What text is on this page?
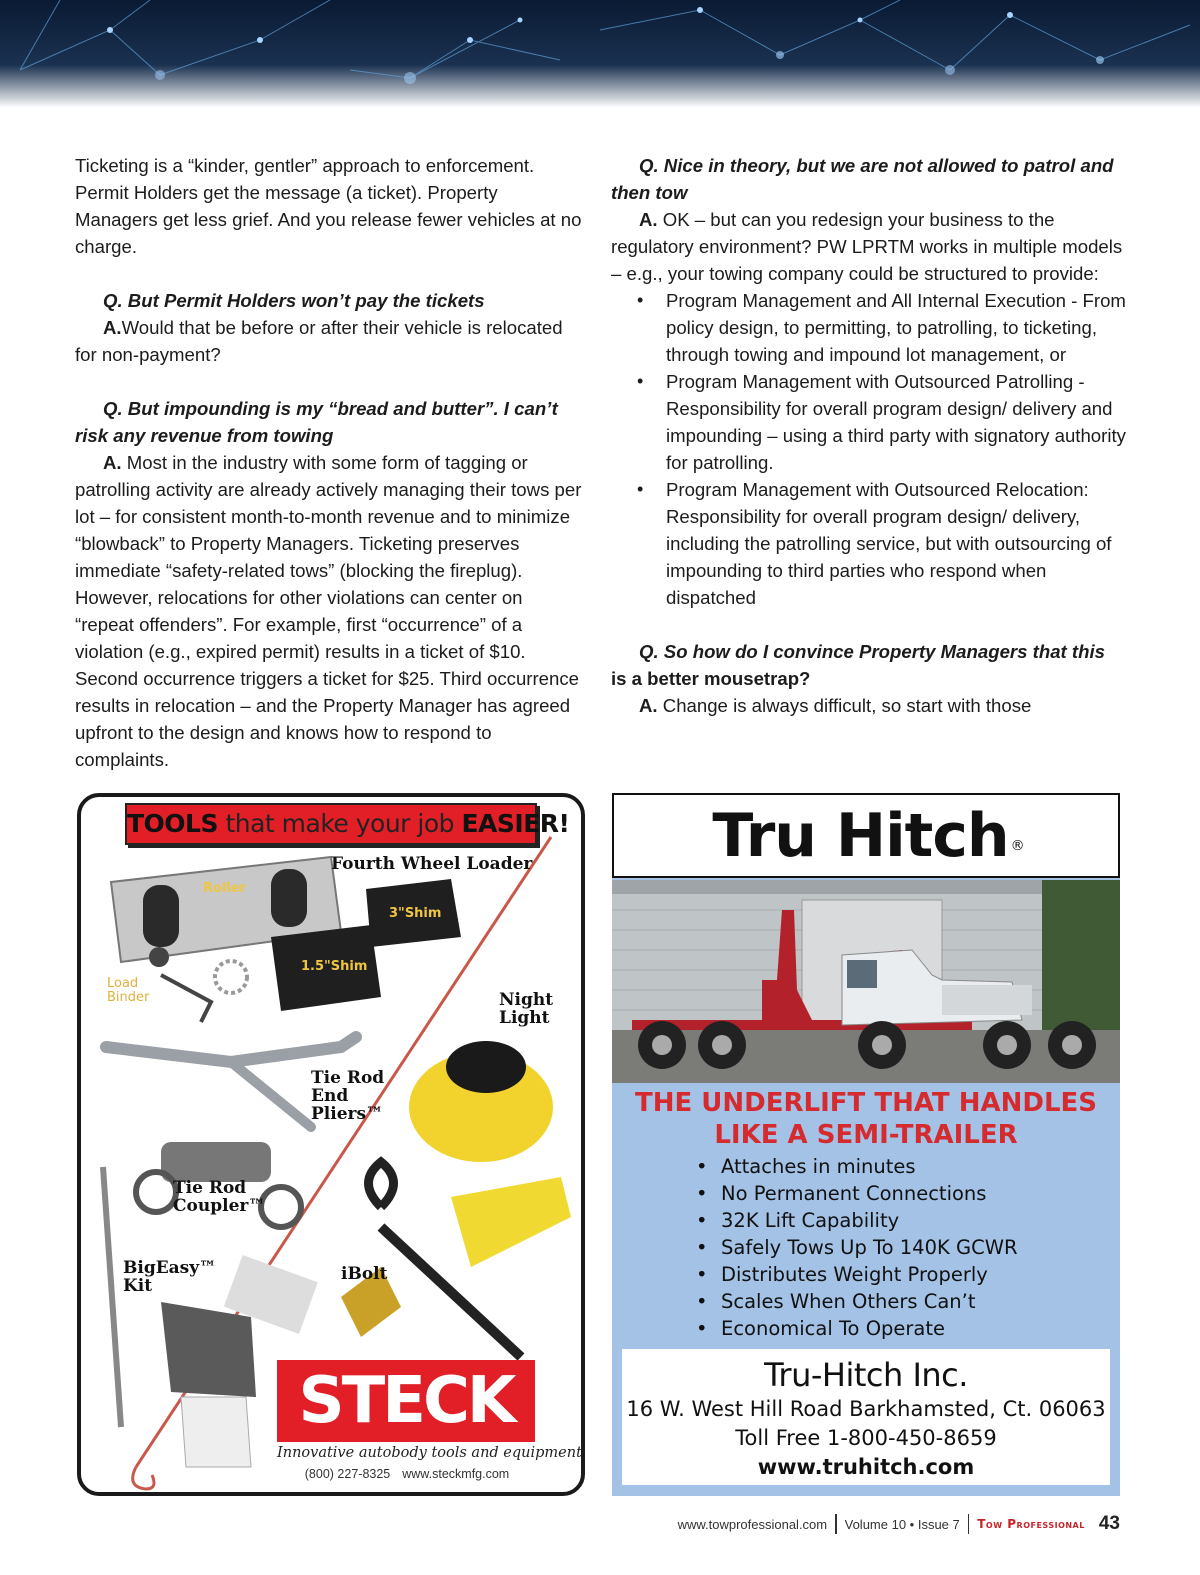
Ticketing is a “kinder, gentler” approach to enforcement. Permit Holders get the message (a ticket). Property Managers get less grief. And you release fewer vehicles at no charge.

Q. But Permit Holders won’t pay the tickets

A.Would that be before or after their vehicle is relocated for non-payment?

Q. But impounding is my “bread and butter”. I can’t risk any revenue from towing

A. Most in the industry with some form of tagging or patrolling activity are already actively managing their tows per lot – for consistent month-to-month revenue and to minimize “blowback” to Property Managers. Ticketing preserves immediate “safety-related tows” (blocking the fireplug). However, relocations for other violations can center on “repeat offenders”. For example, first “occurrence” of a violation (e.g., expired permit) results in a ticket of $10. Second occurrence triggers a ticket for $25. Third occurrence results in relocation – and the Property Manager has agreed upfront to the design and knows how to respond to complaints.

Q. Nice in theory, but we are not allowed to patrol and then tow

A. OK – but can you redesign your business to the regulatory environment? PW LPRTM works in multiple models – e.g., your towing company could be structured to provide:

• Program Management and All Internal Execution - From policy design, to permitting, to patrolling, to ticketing, through towing and impound lot management, or
• Program Management with Outsourced Patrolling - Responsibility for overall program design/ delivery and impounding – using a third party with signatory authority for patrolling.
• Program Management with Outsourced Relocation: Responsibility for overall program design/ delivery, including the patrolling service, but with outsourcing of impounding to third parties who respond when dispatched

Q. So how do I convince Property Managers that this

is a better mousetrap?

A. Change is always difficult, so start with those

TOOLS that make your job EASIER!
Fourth Wheel Loader
Roller
3"Shim
1.5"Shim
Load Binder	Night Light
Tie Rod End Pliers™
Tie Rod Coupler™
BigEasy™ Kit
iBolt
STECK
Innovative autobody tools and equipment
(800) 227-8325 www.steckmfg.com
Tru Hitch ®
THE UNDERLIFT THAT HANDLES
LIKE A SEMI-TRAILER
• Attaches in minutes
• No Permanent Connections
• 32K Lift Capability
• Safely Tows Up To 140K GCWR
• Distributes Weight Properly
• Scales When Others Can’t
• Economical To Operate
Tru-Hitch Inc.
16 W. West Hill Road Barkhamsted, Ct. 06063
Toll Free 1-800-450-8659
www.truhitch.com
www.towprofessional.com Volume 10 • Issue 7 Tow Professional 43
